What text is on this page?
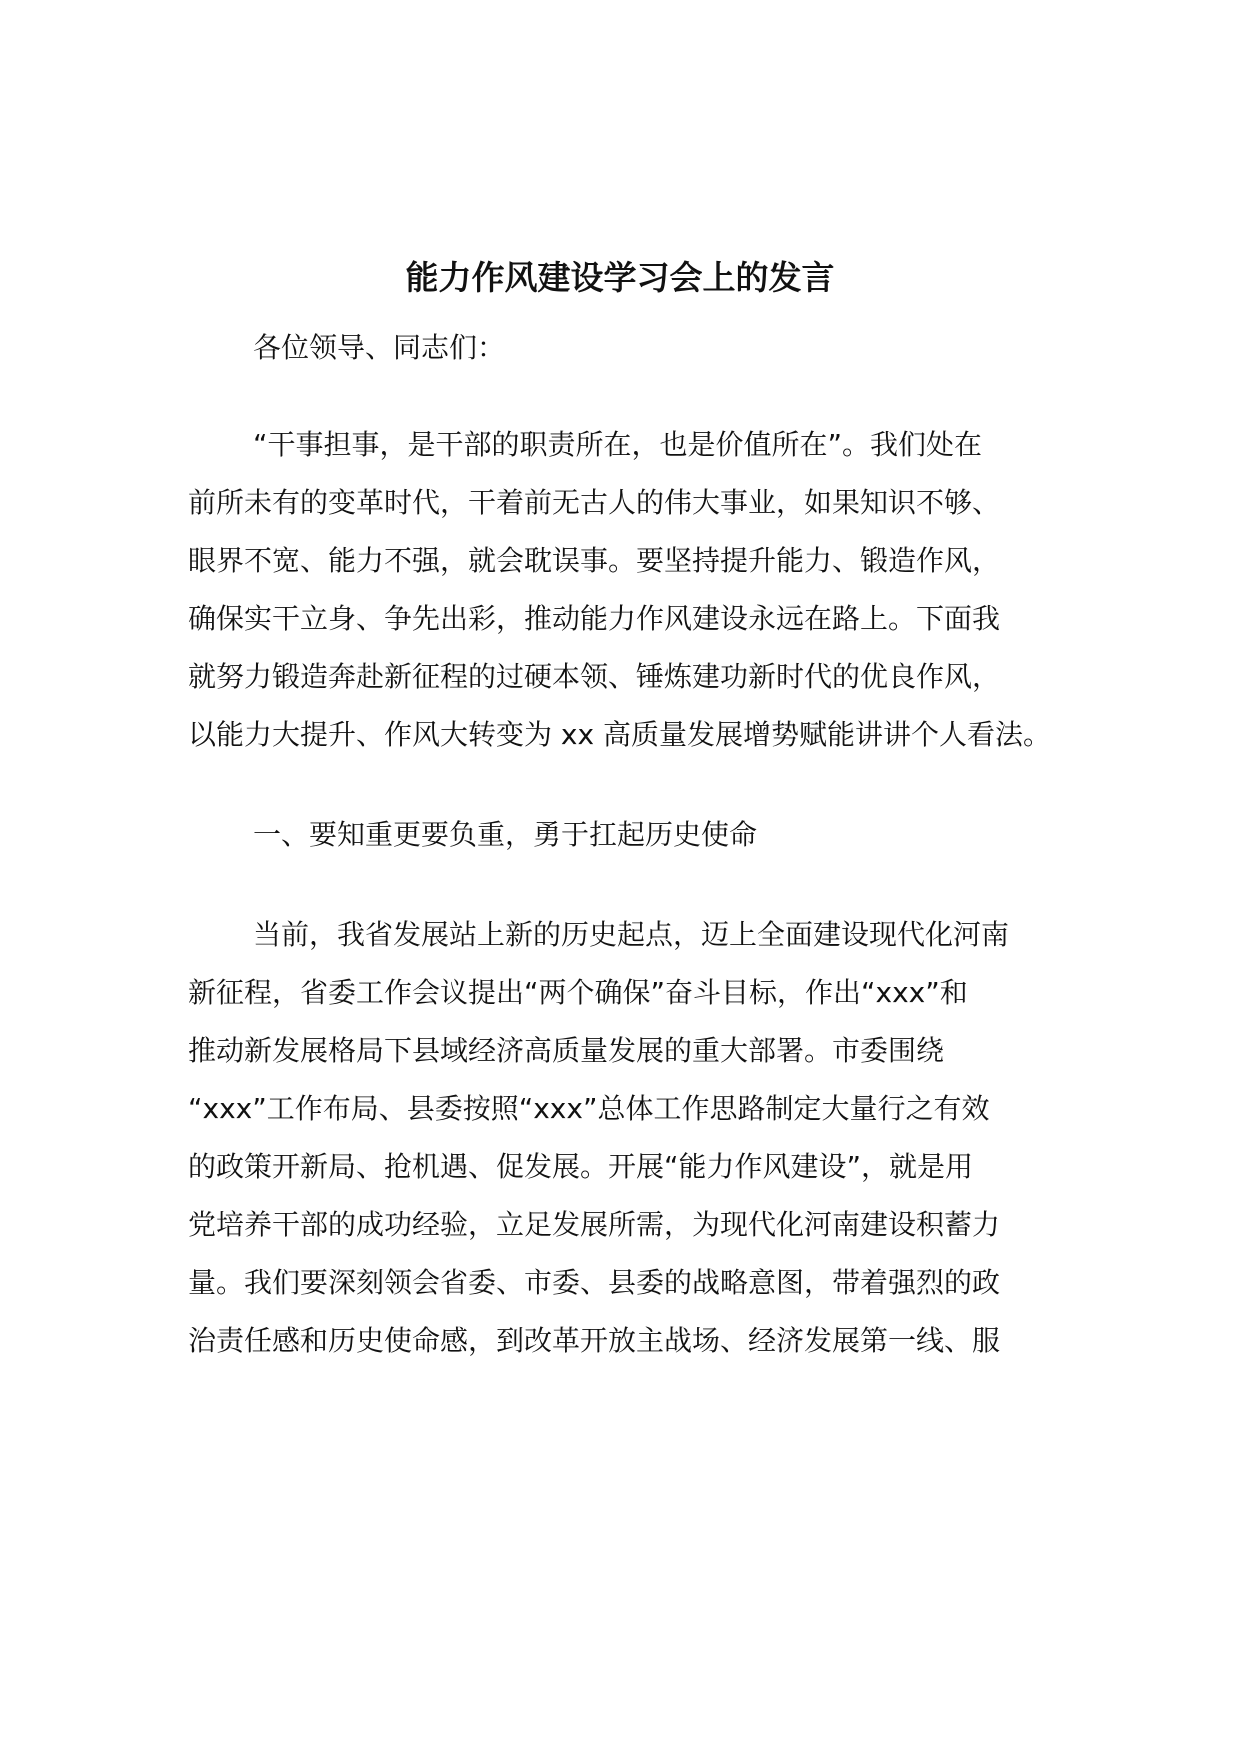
能力作风建设学习会上的发言
各位领导、同志们：
“干事担事，是干部的职责所在，也是价值所在”。我们处在
前所未有的变革时代，干着前无古人的伟大事业，如果知识不够、
眼界不宽、能力不强，就会耽误事。要坚持提升能力、锻造作风，
确保实干立身、争先出彩，推动能力作风建设永远在路上。下面我
就努力锻造奔赴新征程的过硬本领、锤炼建功新时代的优良作风，
以能力大提升、作风大转变为 xx 高质量发展增势赋能讲讲个人看法。
一、要知重更要负重，勇于扛起历史使命
当前，我省发展站上新的历史起点，迈上全面建设现代化河南
新征程，省委工作会议提出“两个确保”奋斗目标，作出“xxx”和
推动新发展格局下县域经济高质量发展的重大部署。市委围绕
“xxx”工作布局、县委按照“xxx”总体工作思路制定大量行之有效
的政策开新局、抢机遇、促发展。开展“能力作风建设”，就是用
党培养干部的成功经验，立足发展所需，为现代化河南建设积蓄力
量。我们要深刻领会省委、市委、县委的战略意图，带着强烈的政
治责任感和历史使命感，到改革开放主战场、经济发展第一线、服
